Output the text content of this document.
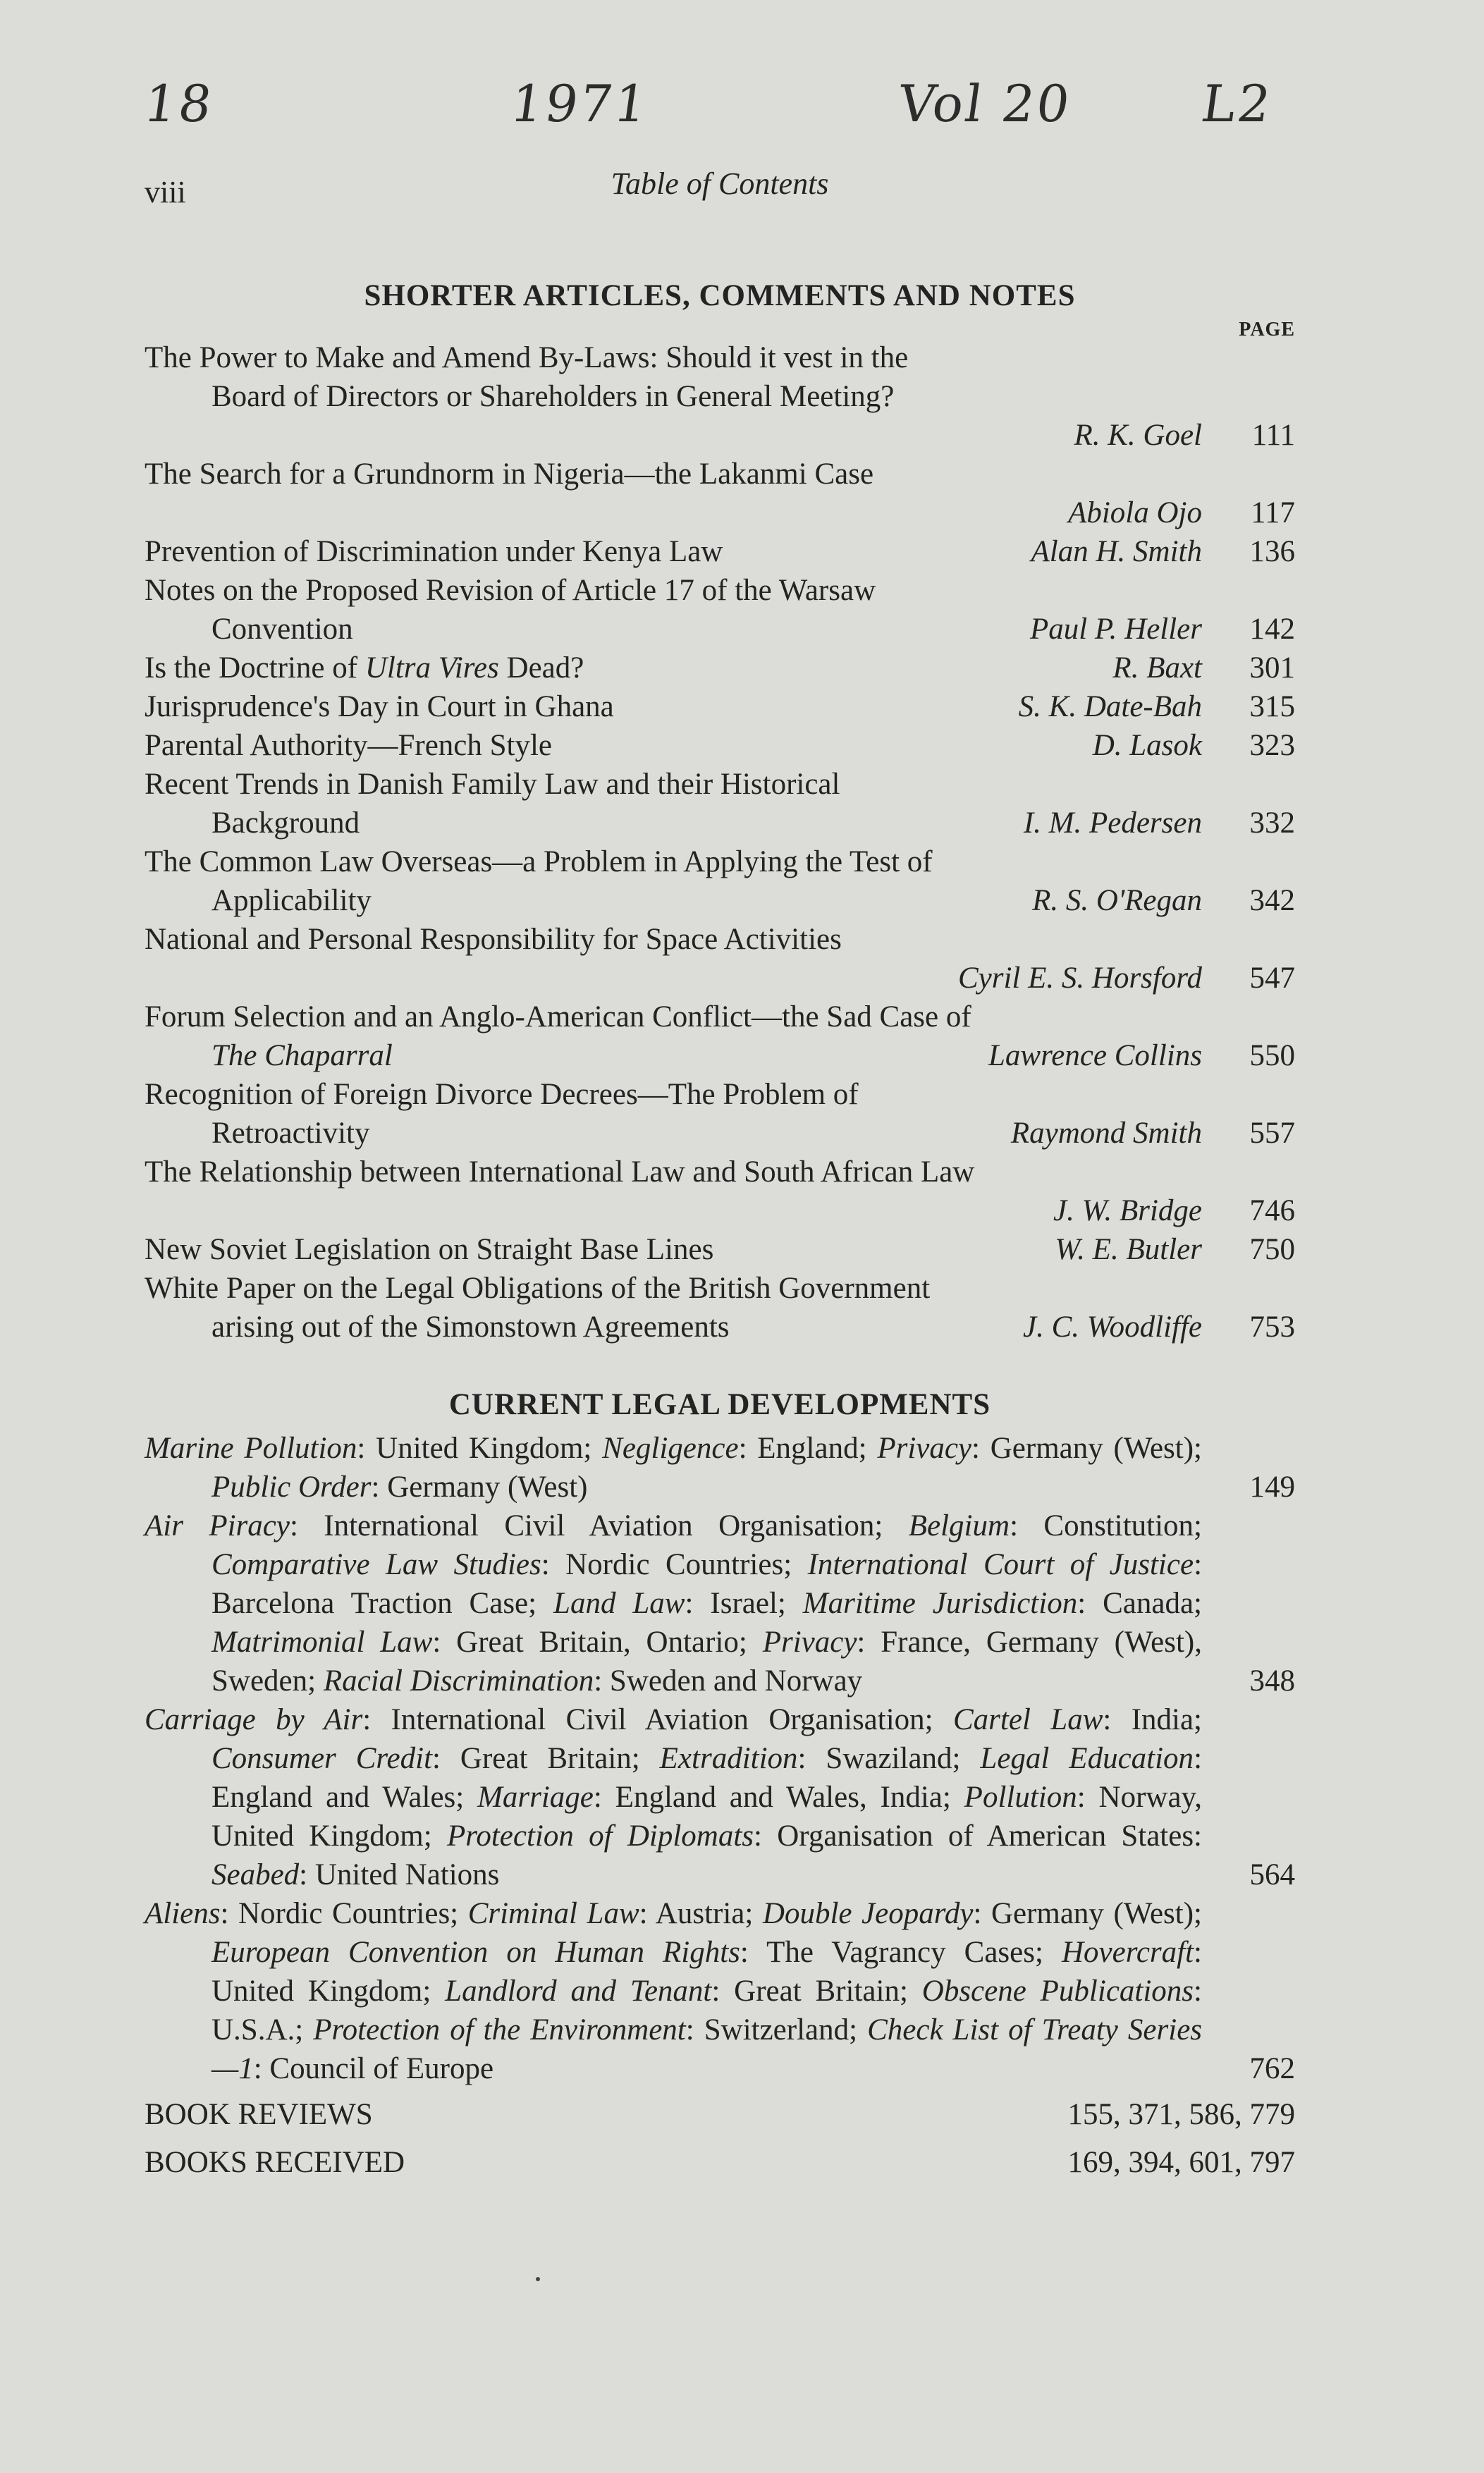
18	1971	Vol 20 L2
viii	Table of Contents
SHORTER ARTICLES, COMMENTS AND NOTES
PAGE
The Power to Make and Amend By-Laws: Should it vest in the
Board of Directors or Shareholders in General Meeting?
R. K. Goel 111
The Search for a Grundnorm in Nigeria—the Lakanmi Case
Abiola Ojo 117
Prevention of Discrimination under Kenya Law	Alan H. Smith 136
Notes on the Proposed Revision of Article 17 of the Warsaw
Convention	Paul P. Heller 142
Is the Doctrine of Ultra Vires Dead?	R. Baxt 301
Jurisprudence's Day in Court in Ghana	S. K. Date-Bah 315
Parental Authority—French Style	D. Lasok 323
Recent Trends in Danish Family Law and their Historical
Background	I. M. Pedersen 332
The Common Law Overseas—a Problem in Applying the Test of
Applicability	R. S. O'Regan 342
National and Personal Responsibility for Space Activities
Cyril E. S. Horsford 547
Forum Selection and an Anglo-American Conflict—the Sad Case of
The Chaparral	Lawrence Collins 550
Recognition of Foreign Divorce Decrees—The Problem of
Retroactivity	Raymond Smith 557
The Relationship between International Law and South African Law
J. W. Bridge 746
New Soviet Legislation on Straight Base Lines	W. E. Butler 750
White Paper on the Legal Obligations of the British Government
arising out of the Simonstown Agreements	J. C. Woodliffe 753
CURRENT LEGAL DEVELOPMENTS
Marine Pollution: United Kingdom; Negligence: England; Privacy: Germany (West); Public Order: Germany (West)	149
Air Piracy: International Civil Aviation Organisation; Belgium: Constitution; Comparative Law Studies: Nordic Countries; International Court of Justice: Barcelona Traction Case; Land Law: Israel; Maritime Jurisdiction: Canada; Matrimonial Law: Great Britain, Ontario; Privacy: France, Germany (West), Sweden; Racial Discrimination: Sweden and Norway	348
Carriage by Air: International Civil Aviation Organisation; Cartel Law: India; Consumer Credit: Great Britain; Extradition: Swaziland; Legal Education: England and Wales; Marriage: England and Wales, India; Pollution: Norway, United Kingdom; Protection of Diplomats: Organisation of American States: Seabed: United Nations	564
Aliens: Nordic Countries; Criminal Law: Austria; Double Jeopardy: Germany (West); European Convention on Human Rights: The Vagrancy Cases; Hovercraft: United Kingdom; Landlord and Tenant: Great Britain; Obscene Publications: U.S.A.; Protection of the Environment: Switzerland; Check List of Treaty Series—1: Council of Europe	762
BOOK REVIEWS	155, 371, 586, 779
BOOKS RECEIVED	169, 394, 601, 797
